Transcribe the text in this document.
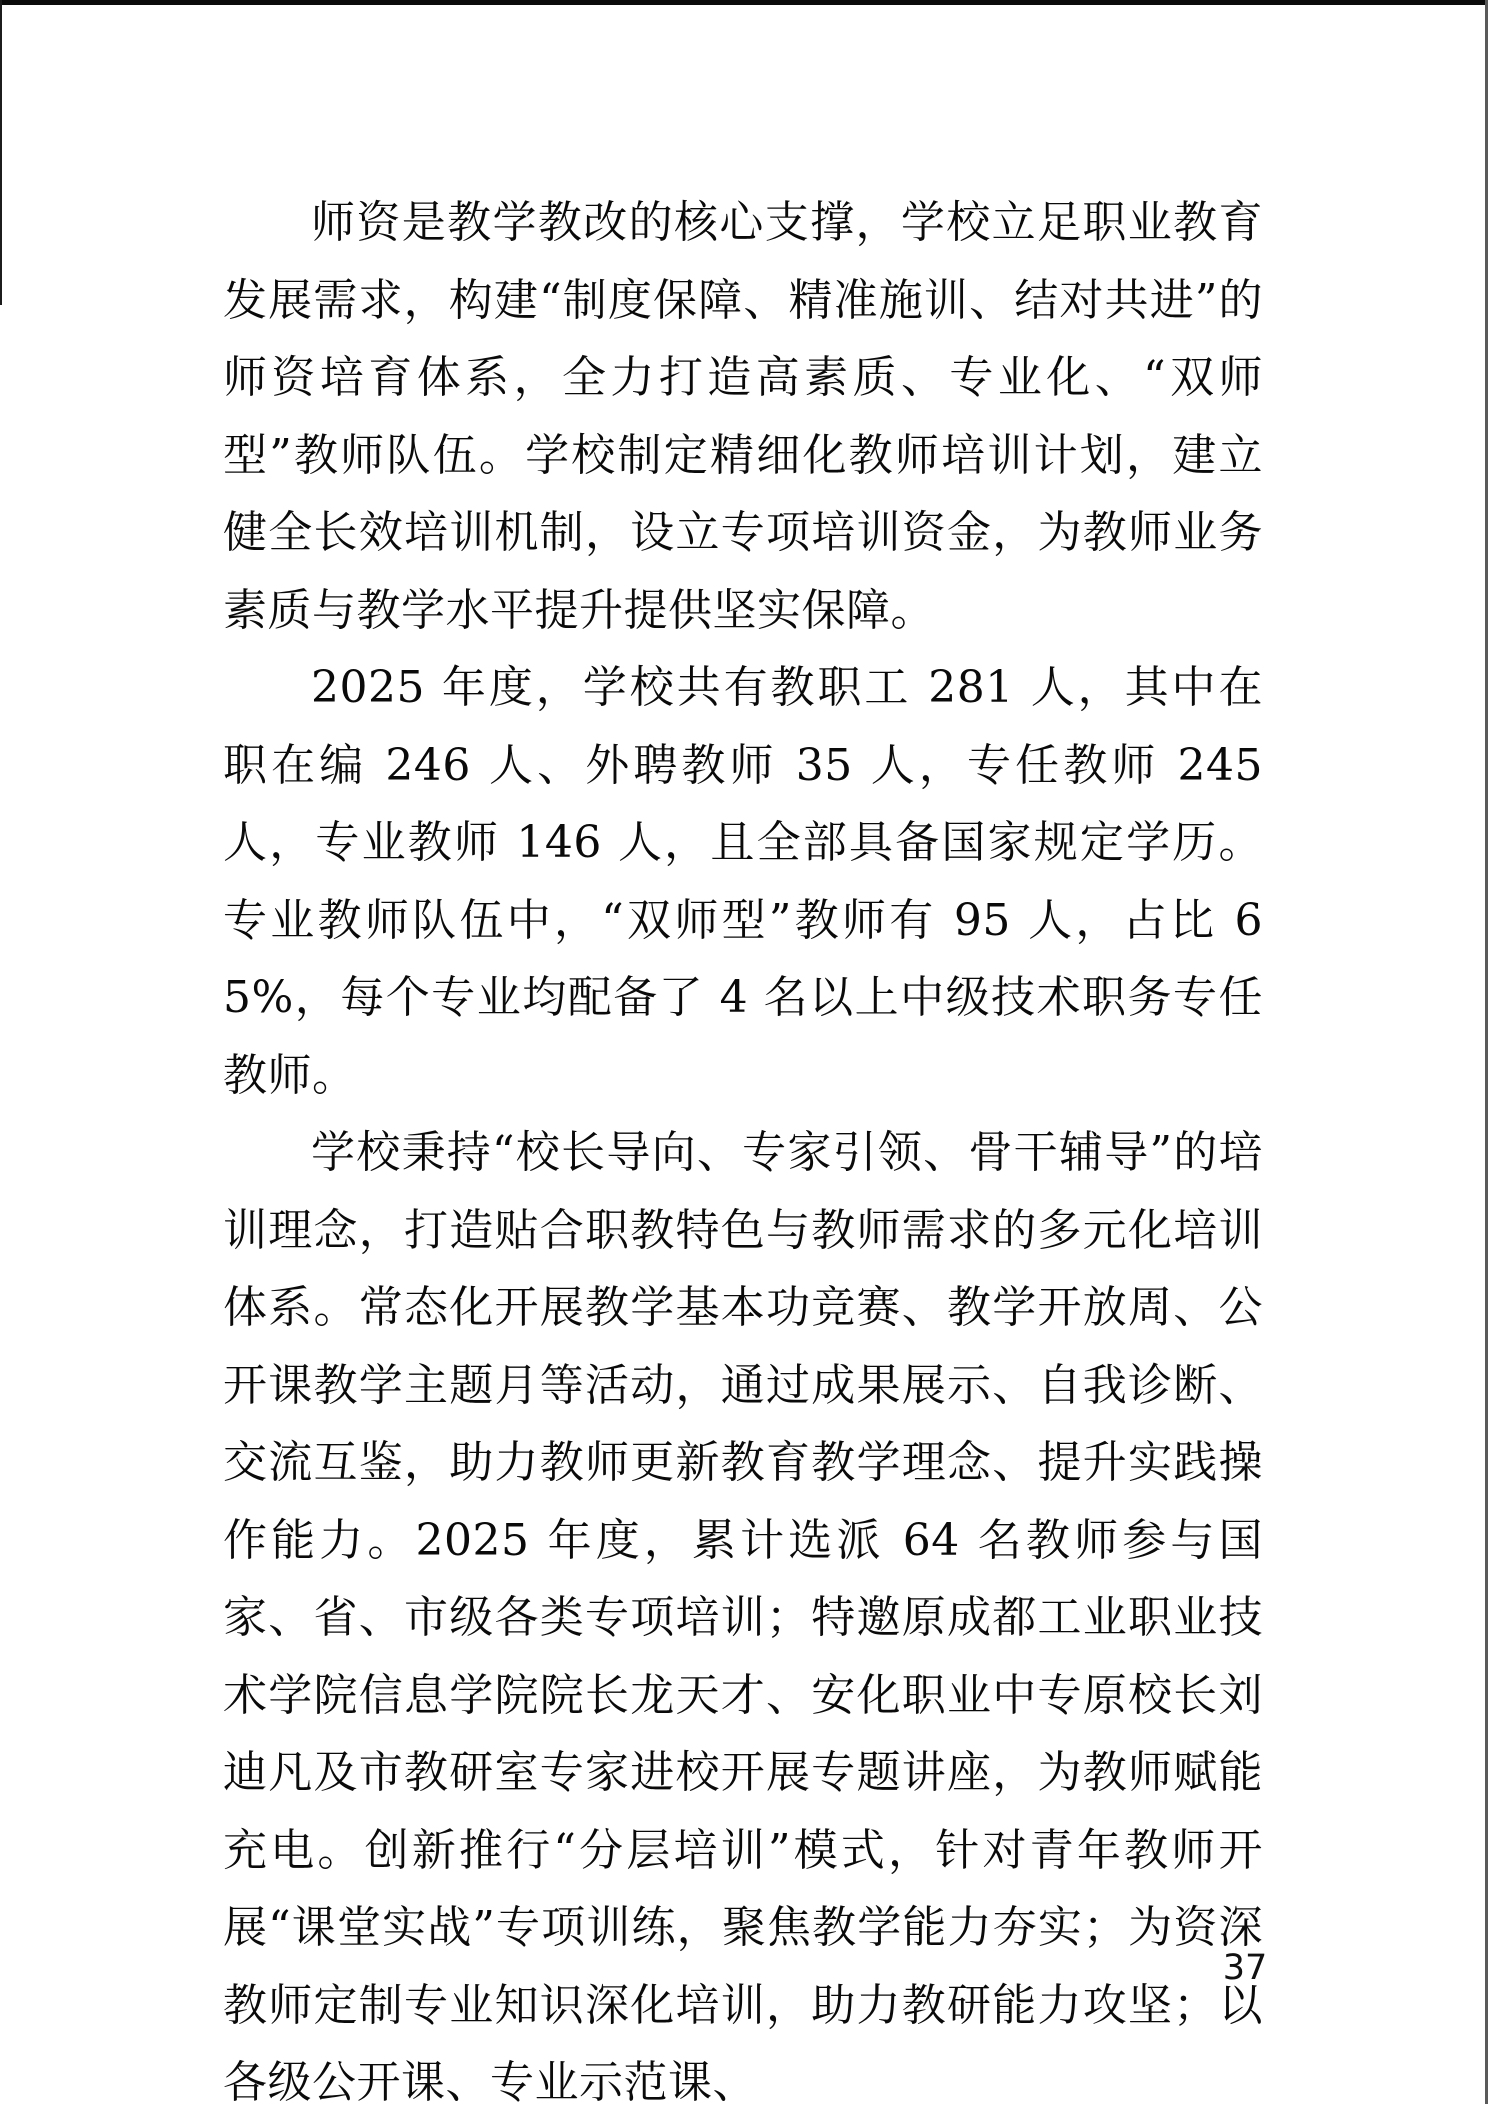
师资是教学教改的核心支撑，学校立足职业教育发展需求，构建“制度保障、精准施训、结对共进”的师资培育体系，全力打造高素质、专业化、“双师型”教师队伍。学校制定精细化教师培训计划，建立健全长效培训机制，设立专项培训资金，为教师业务素质与教学水平提升提供坚实保障。

2025 年度，学校共有教职工 281 人，其中在职在编 246 人、外聘教师 35 人，专任教师 245 人，专业教师 146 人，且全部具备国家规定学历。专业教师队伍中，“双师型”教师有 95 人，占比 65%，每个专业均配备了 4 名以上中级技术职务专任教师。

学校秉持“校长导向、专家引领、骨干辅导”的培训理念，打造贴合职教特色与教师需求的多元化培训体系。常态化开展教学基本功竞赛、教学开放周、公开课教学主题月等活动，通过成果展示、自我诊断、交流互鉴，助力教师更新教育教学理念、提升实践操作能力。2025 年度，累计选派 64 名教师参与国家、省、市级各类专项培训；特邀原成都工业职业技术学院信息学院院长龙天才、安化职业中专原校长刘迪凡及市教研室专家进校开展专题讲座，为教师赋能充电。创新推行“分层培训”模式，针对青年教师开展“课堂实战”专项训练，聚焦教学能力夯实；为资深教师定制专业知识深化培训，助力教研能力攻坚；以各级公开课、专业示范课、

37
